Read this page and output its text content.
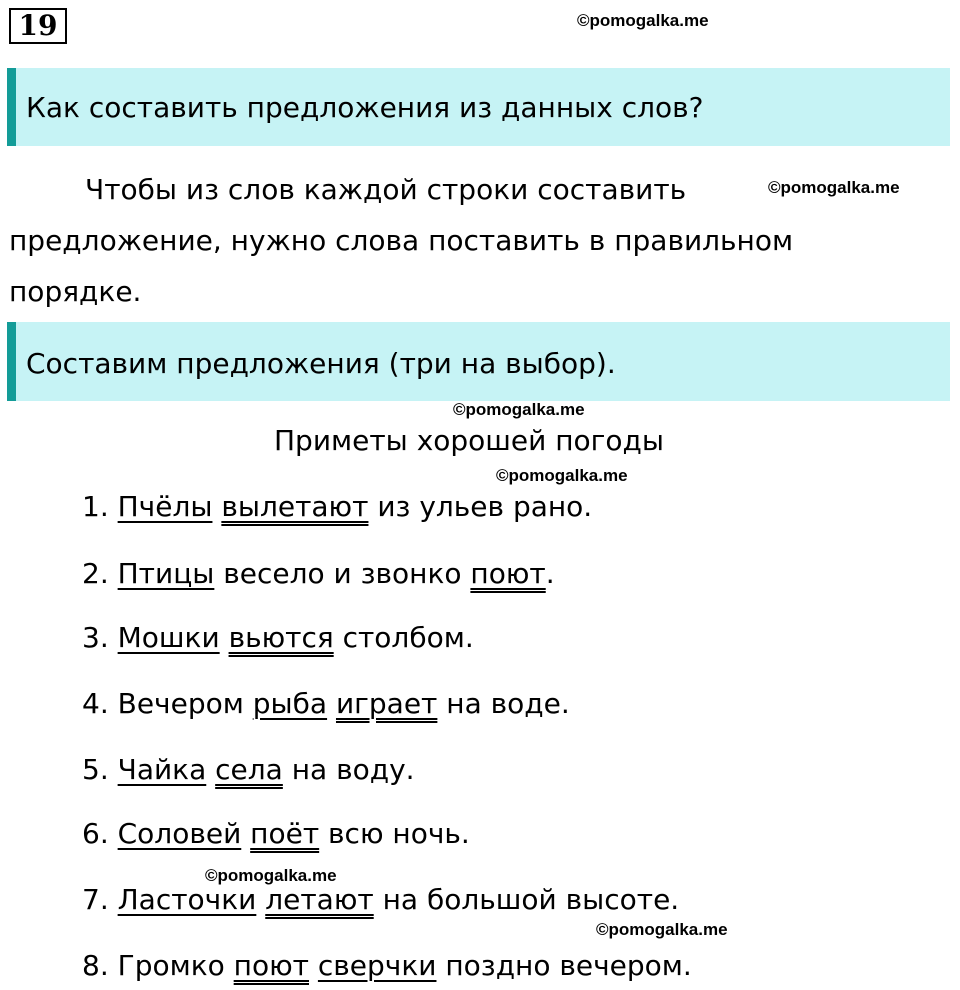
19	©pomogalka.me
Как составить предложения из данных слов?
Чтобы из слов каждой строки составить
предложение, нужно слова поставить в правильном
порядке.
©pomogalka.me
Составим предложения (три на выбор).
©pomogalka.me
Приметы хорошей погоды
©pomogalka.me

1. Пчёлы вылетают из ульев рано.

2. Птицы весело и звонко поют.

3. Мошки вьются столбом.

4. Вечером рыба играет на воде.

5. Чайка села на воду.

6. Соловей поёт всю ночь.

©pomogalka.me

7. Ласточки летают на большой высоте.

©pomogalka.me

8. Громко поют сверчки поздно вечером.
